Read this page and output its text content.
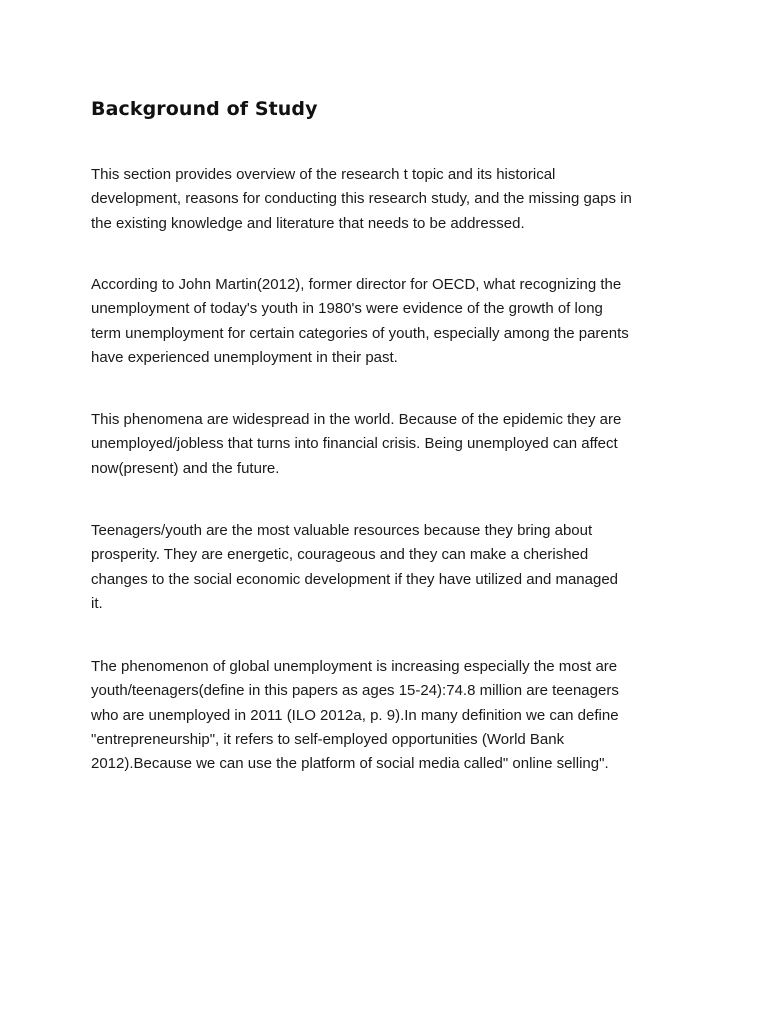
Background of Study

This section provides overview of the research t topic and its historical
development, reasons for conducting this research study, and the missing gaps in
the existing knowledge and literature that needs to be addressed.

According to John Martin(2012), former director for OECD, what recognizing the
unemployment of today's youth in 1980's were evidence of the growth of long
term unemployment for certain categories of youth, especially among the parents
have experienced unemployment in their past.

This phenomena are widespread in the world. Because of the epidemic they are
unemployed/jobless that turns into financial crisis. Being unemployed can affect
now(present) and the future.

Teenagers/youth are the most valuable resources because they bring about
prosperity. They are energetic, courageous and they can make a cherished
changes to the social economic development if they have utilized and managed
it.

The phenomenon of global unemployment is increasing especially the most are
youth/teenagers(define in this papers as ages 15-24):74.8 million are teenagers
who are unemployed in 2011 (ILO 2012a, p. 9).In many definition we can define
"entrepreneurship", it refers to self-employed opportunities (World Bank
2012).Because we can use the platform of social media called" online selling".
